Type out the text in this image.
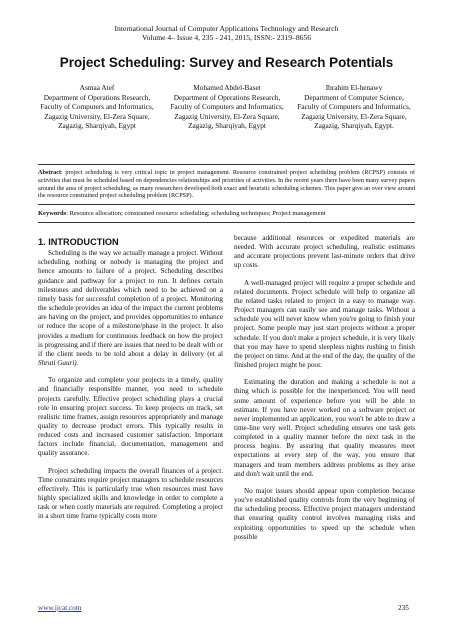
International Journal of Computer Applications Technology and Research
Volume 4– Issue 4, 235 - 241, 2015, ISSN:- 2319–8656
Project Scheduling: Survey and Research Potentials
Asmaa Atef
Department of Operations Research, Faculty of Computers and Informatics, Zagazig University, El-Zera Square, Zagazig, Sharqiyah, Egypt
Mohamed Abdel-Baset
Department of Operations Research, Faculty of Computers and Informatics, Zagazig University, El-Zera Square, Zagazig, Sharqiyah, Egypt
Ibrahim El-henawy
Department of Computer Science, Faculty of Computers and Informatics, Zagazig University, El-Zera Square, Zagazig, Sharqiyah, Egypt.
Abstract: project scheduling is very critical topic in project management. Resource constrained project scheduling problem (RCPSP) consists of activities that must be scheduled based on dependencies relationships and priorities of activities. In the recent years there have been many survey papers around the area of project scheduling, as many researchers developed both exact and heuristic scheduling schemes. This paper give an over view around the resource constrained project scheduling problem (RCPSP).
Keywords: Resource allocation; constrained resource scheduling; scheduling techniques; Project management

1. INTRODUCTION

Scheduling is the way we actually manage a project. Without scheduling, nothing or nobody is managing the project and hence amounts to failure of a project. Scheduling describes guidance and pathway for a project to run. It defines certain milestones and deliverables which need to be achieved on a timely basis for successful completion of a project. Monitoring the schedule provides an idea of the impact the current problems are having on the project, and provides opportunities to enhance or reduce the scope of a milestone/phase in the project. It also provides a medium for continuous feedback on how the project is progressing and if there are issues that need to be dealt with or if the client needs to be told about a delay in delivery (et al Shruti Gauri).

To organize and complete your projects in a timely, quality and financially responsible manner, you need to schedule projects carefully. Effective project scheduling plays a crucial role in ensuring project success. To keep projects on track, set realistic time frames, assign resources appropriately and manage quality to decrease product errors. This typically results in reduced costs and increased customer satisfaction. Important factors include financial, documentation, management and quality assurance.

Project scheduling impacts the overall finances of a project. Time constraints require project managers to schedule resources effectively. This is particularly true when resources must have highly specialized skills and knowledge in order to complete a task or when costly materials are required. Completing a project in a short time frame typically costs more

because additional resources or expedited materials are needed. With accurate project scheduling, realistic estimates and accurate projections prevent last-minute orders that drive up costs.

A well-managed project will require a proper schedule and related documents. Project schedule will help to organize all the related tasks related to project in a easy to manage way. Project managers can easily see and manage tasks. Without a schedule you will never know when you're going to finish your project. Some people may just start projects without a proper schedule. If you don't make a project schedule, it is very likely that you may have to spend sleepless nights rushing to finish the project on time. And at the end of the day, the quality of the finished project might be poor.

Estimating the duration and making a schedule is not a thing which is possible for the inexperienced. You will need some amount of experience before you will be able to estimate. If you have never worked on a software project or never implemented an application, you won't be able to draw a time-line very well. Project scheduling ensures one task gets completed in a quality manner before the next task in the process begins. By assuring that quality measures meet expectations at every step of the way, you ensure that managers and team members address problems as they arise and don't wait until the end.

No major issues should appear upon completion because you've established quality controls from the very beginning of the scheduling process. Effective project managers understand that ensuring quality control involves managing risks and exploiting opportunities to speed up the schedule when possible

www.ijcat.com	235
